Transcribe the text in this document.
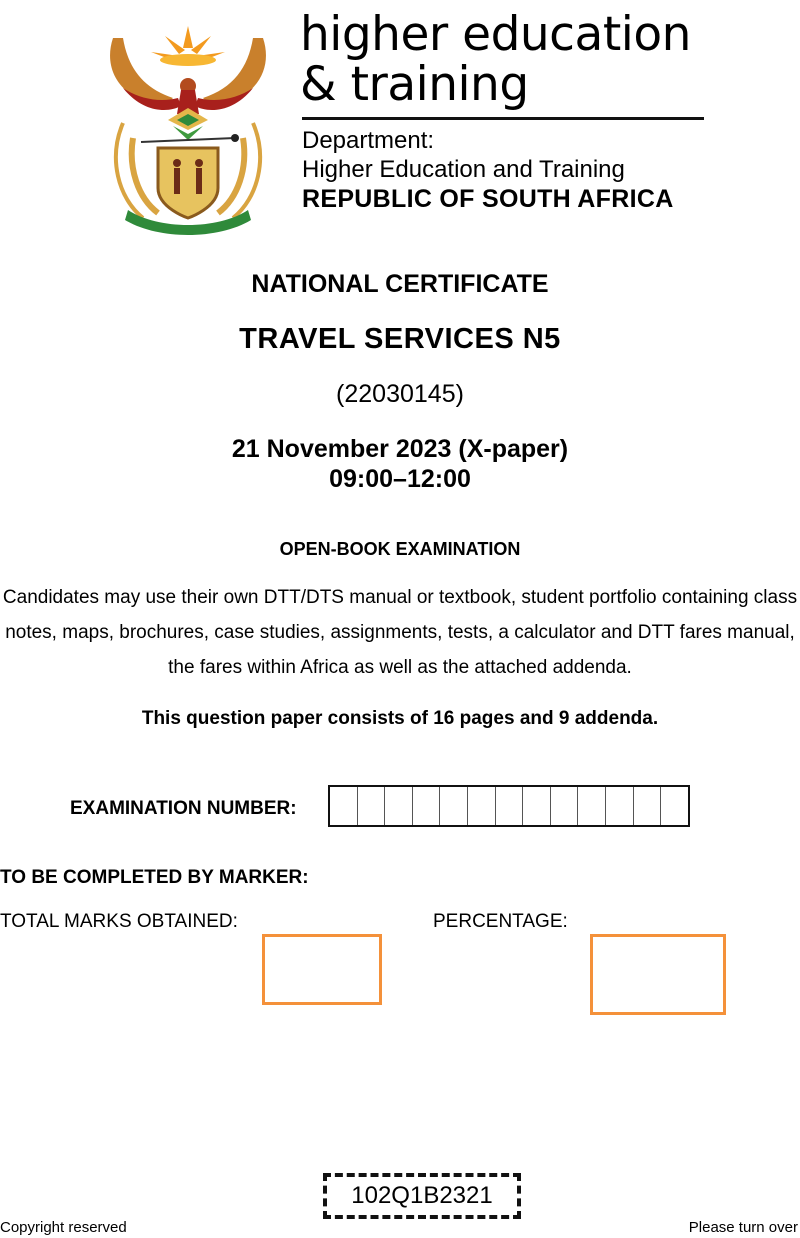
higher education
& training
Department:
Higher Education and Training
REPUBLIC OF SOUTH AFRICA
NATIONAL CERTIFICATE
TRAVEL SERVICES N5
(22030145)
21 November 2023 (X-paper)
09:00–12:00
OPEN-BOOK EXAMINATION
Candidates may use their own DTT/DTS manual or textbook, student portfolio containing class notes, maps, brochures, case studies, assignments, tests, a calculator and DTT fares manual, the fares within Africa as well as the attached addenda.
This question paper consists of 16 pages and 9 addenda.
EXAMINATION NUMBER:
TO BE COMPLETED BY MARKER:
TOTAL MARKS OBTAINED:	PERCENTAGE:
102Q1B2321
Copyright reserved	Please turn over
